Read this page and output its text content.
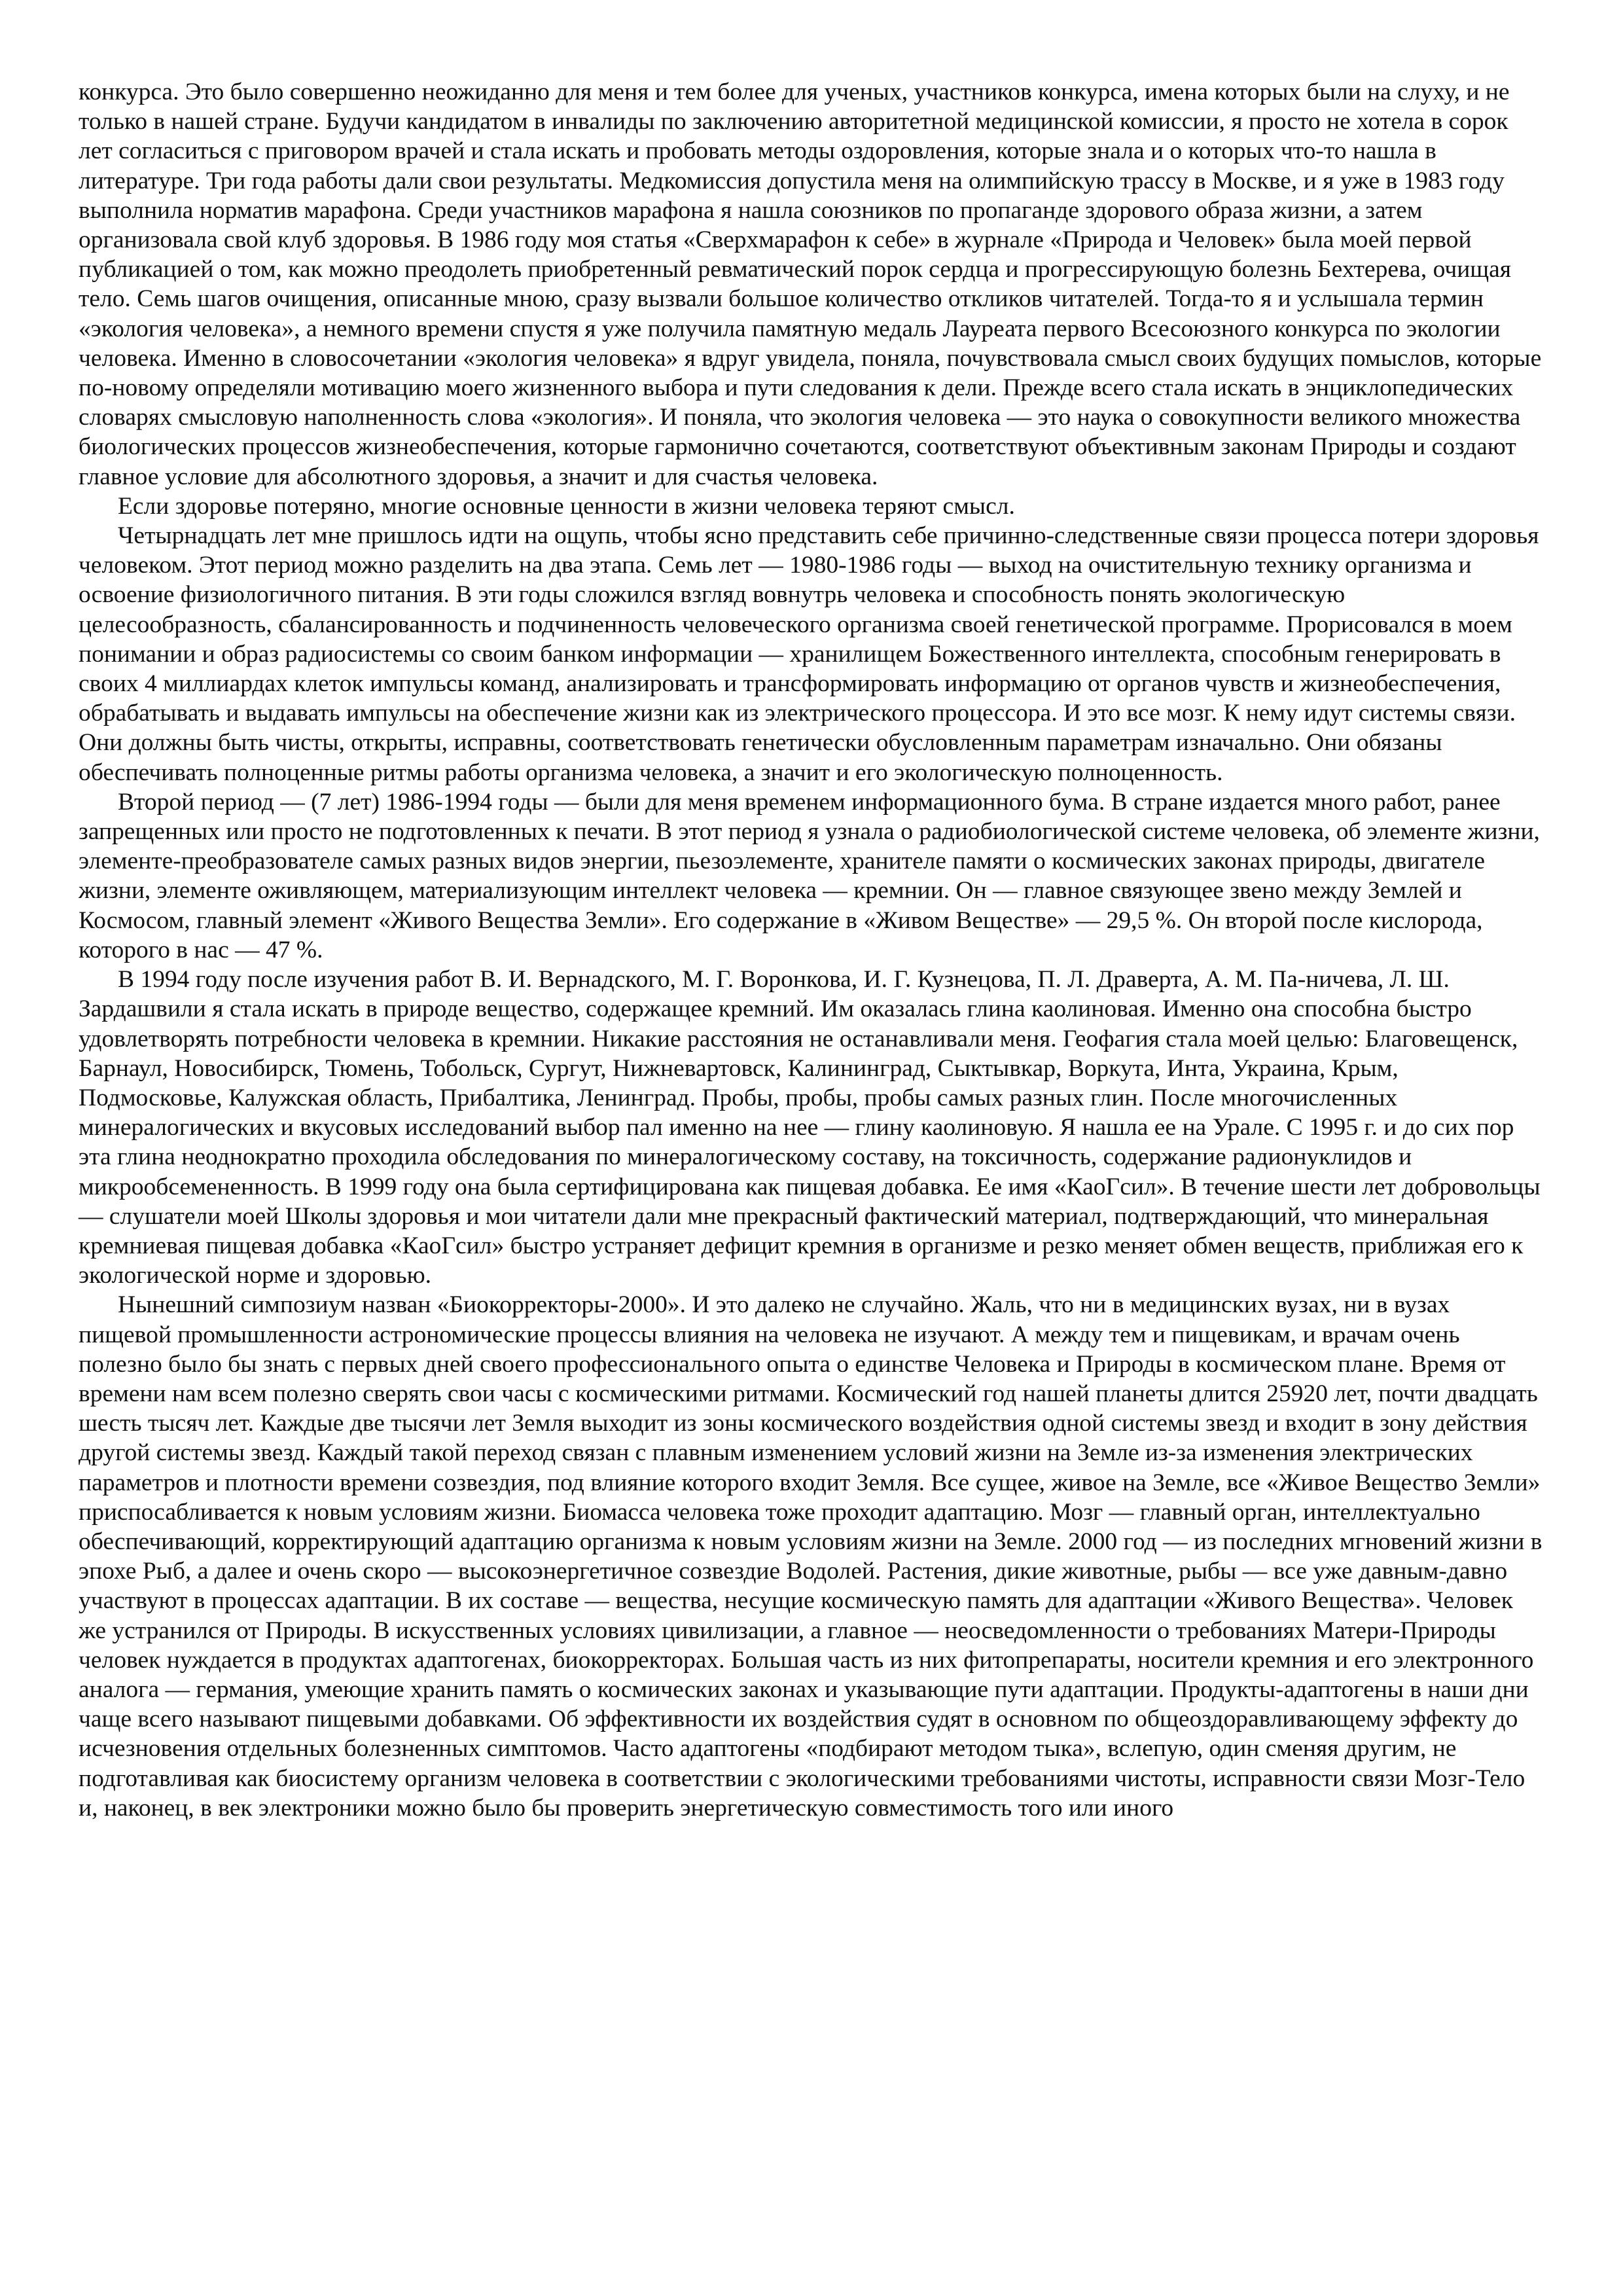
конкурса. Это было совершенно неожиданно для меня и тем более для ученых, участников конкурса, имена которых были на слуху, и не только в нашей стране. Будучи кандидатом в инвалиды по заключению авторитетной медицинской комиссии, я просто не хотела в сорок лет согласиться с приговором врачей и стала искать и пробовать методы оздоровления, которые знала и о которых что-то нашла в литературе. Три года работы дали свои результаты. Медкомиссия допустила меня на олимпийскую трассу в Москве, и я уже в 1983 году выполнила норматив марафона. Среди участников марафона я нашла союзников по пропаганде здорового образа жизни, а затем организовала свой клуб здоровья. В 1986 году моя статья «Сверхмарафон к себе» в журнале «Природа и Человек» была моей первой публикацией о том, как можно преодолеть приобретенный ревматический порок сердца и прогрессирующую болезнь Бехтерева, очищая тело. Семь шагов очищения, описанные мною, сразу вызвали большое количество откликов читателей. Тогда-то я и услышала термин «экология человека», а немного времени спустя я уже получила памятную медаль Лауреата первого Всесоюзного конкурса по экологии человека. Именно в словосочетании «экология человека» я вдруг увидела, поняла, почувствовала смысл своих будущих помыслов, которые по-новому определяли мотивацию моего жизненного выбора и пути следования к дели. Прежде всего стала искать в энциклопедических словарях смысловую наполненность слова «экология». И поняла, что экология человека — это наука о совокупности великого множества биологических процессов жизнеобеспечения, которые гармонично сочетаются, соответствуют объективным законам Природы и создают главное условие для абсолютного здоровья, а значит и для счастья человека.

Если здоровье потеряно, многие основные ценности в жизни человека теряют смысл.

Четырнадцать лет мне пришлось идти на ощупь, чтобы ясно представить себе причинно-следственные связи процесса потери здоровья человеком. Этот период можно разделить на два этапа. Семь лет — 1980-1986 годы — выход на очистительную технику организма и освоение физиологичного питания. В эти годы сложился взгляд вовнутрь человека и способность понять экологическую целесообразность, сбалансированность и подчиненность человеческого организма своей генетической программе. Прорисовался в моем понимании и образ радиосистемы со своим банком информации — хранилищем Божественного интеллекта, способным генерировать в своих 4 миллиардах клеток импульсы команд, анализировать и трансформировать информацию от органов чувств и жизнеобеспечения, обрабатывать и выдавать импульсы на обеспечение жизни как из электрического процессора. И это все мозг. К нему идут системы связи. Они должны быть чисты, открыты, исправны, соответствовать генетически обусловленным параметрам изначально. Они обязаны обеспечивать полноценные ритмы работы организма человека, а значит и его экологическую полноценность.

Второй период — (7 лет) 1986-1994 годы — были для меня временем информационного бума. В стране издается много работ, ранее запрещенных или просто не подготовленных к печати. В этот период я узнала о радиобиологической системе человека, об элементе жизни, элементе-преобразователе самых разных видов энергии, пьезоэлементе, хранителе памяти о космических законах природы, двигателе жизни, элементе оживляющем, материализующим интеллект человека — кремнии. Он — главное связующее звено между Землей и Космосом, главный элемент «Живого Вещества Земли». Его содержание в «Живом Веществе» — 29,5 %. Он второй после кислорода, которого в нас — 47 %.

В 1994 году после изучения работ В. И. Вернадского, М. Г. Воронкова, И. Г. Кузнецова, П. Л. Драверта, А. М. Па-ничева, Л. Ш. Зардашвили я стала искать в природе вещество, содержащее кремний. Им оказалась глина каолиновая. Именно она способна быстро удовлетворять потребности человека в кремнии. Никакие расстояния не останавливали меня. Геофагия стала моей целью: Благовещенск, Барнаул, Новосибирск, Тюмень, Тобольск, Сургут, Нижневартовск, Калининград, Сыктывкар, Воркута, Инта, Украина, Крым, Подмосковье, Калужская область, Прибалтика, Ленинград. Пробы, пробы, пробы самых разных глин. После многочисленных минералогических и вкусовых исследований выбор пал именно на нее — глину каолиновую. Я нашла ее на Урале. С 1995 г. и до сих пор эта глина неоднократно проходила обследования по минералогическому составу, на токсичность, содержание радионуклидов и микрообсемененность. В 1999 году она была сертифицирована как пищевая добавка. Ее имя «КаоГсил». В течение шести лет добровольцы — слушатели моей Школы здоровья и мои читатели дали мне прекрасный фактический материал, подтверждающий, что минеральная кремниевая пищевая добавка «КаоГсил» быстро устраняет дефицит кремния в организме и резко меняет обмен веществ, приближая его к экологической норме и здоровью.

Нынешний симпозиум назван «Биокорректоры-2000». И это далеко не случайно. Жаль, что ни в медицинских вузах, ни в вузах пищевой промышленности астрономические процессы влияния на человека не изучают. А между тем и пищевикам, и врачам очень полезно было бы знать с первых дней своего профессионального опыта о единстве Человека и Природы в космическом плане. Время от времени нам всем полезно сверять свои часы с космическими ритмами. Космический год нашей планеты длится 25920 лет, почти двадцать шесть тысяч лет. Каждые две тысячи лет Земля выходит из зоны космического воздействия одной системы звезд и входит в зону действия другой системы звезд. Каждый такой переход связан с плавным изменением условий жизни на Земле из-за изменения электрических параметров и плотности времени созвездия, под влияние которого входит Земля. Все сущее, живое на Земле, все «Живое Вещество Земли» приспосабливается к новым условиям жизни. Биомасса человека тоже проходит адаптацию. Мозг — главный орган, интеллектуально обеспечивающий, корректирующий адаптацию организма к новым условиям жизни на Земле. 2000 год — из последних мгновений жизни в эпохе Рыб, а далее и очень скоро — высокоэнергетичное созвездие Водолей. Растения, дикие животные, рыбы — все уже давным-давно участвуют в процессах адаптации. В их составе — вещества, несущие космическую память для адаптации «Живого Вещества». Человек же устранился от Природы. В искусственных условиях цивилизации, а главное — неосведомленности о требованиях Матери-Природы человек нуждается в продуктах адаптогенах, биокорректорах. Большая часть из них фитопрепараты, носители кремния и его электронного аналога — германия, умеющие хранить память о космических законах и указывающие пути адаптации. Продукты-адаптогены в наши дни чаще всего называют пищевыми добавками. Об эффективности их воздействия судят в основном по общеоздоравливающему эффекту до исчезновения отдельных болезненных симптомов. Часто адаптогены «подбирают методом тыка», вслепую, один сменяя другим, не подготавливая как биосистему организм человека в соответствии с экологическими требованиями чистоты, исправности связи Мозг-Тело и, наконец, в век электроники можно было бы проверить энергетическую совместимость того или иного
